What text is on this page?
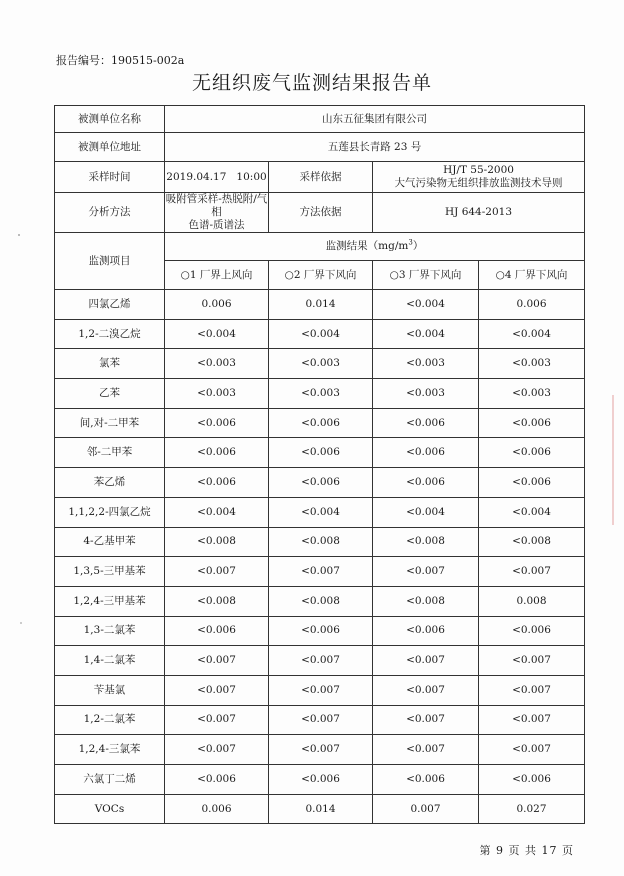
报告编号：190515-002a
无组织废气监测结果报告单
被测单位名称	山东五征集团有限公司			
被测单位地址	五莲县长青路 23 号			
采样时间	2019.04.17   10:00	采样依据	HJ/T 55-2000
大气污染物无组织排放监测技术导则	

分析方法	吸附管采样-热脱附/气相
色谱-质谱法	方法依据	HJ 644-2013	
监测项目	监测结果$(mg/m^3)$			
	○1 厂界上风向	○2 厂界下风向	○3 厂界下风向	○4 厂界下风向
四氯乙烯	0.006	0.014	<0.004	0.006
1,2-二溴乙烷	<0.004	<0.004	<0.004	<0.004
氯苯	<0.003	<0.003	<0.003	<0.003
乙苯	<0.003	<0.003	<0.003	<0.003
间,对-二甲苯	<0.006	<0.006	<0.006	<0.006
邻-二甲苯	<0.006	<0.006	<0.006	<0.006
苯乙烯	<0.006	<0.006	<0.006	<0.006
1,1,2,2-四氯乙烷	<0.004	<0.004	<0.004	<0.004
4-乙基甲苯	<0.008	<0.008	<0.008	<0.008
1,3,5-三甲基苯	<0.007	<0.007	<0.007	<0.007
1,2,4-三甲基苯	<0.008	<0.008	<0.008	0.008
1,3-二氯苯	<0.006	<0.006	<0.006	<0.006
1,4-二氯苯	<0.007	<0.007	<0.007	<0.007
苄基氯	<0.007	<0.007	<0.007	<0.007
1,2-二氯苯	<0.007	<0.007	<0.007	<0.007
1,2,4-三氯苯	<0.007	<0.007	<0.007	<0.007
六氯丁二烯	<0.006	<0.006	<0.006	<0.006
VOCs	0.006	0.014	0.007	0.027
第 9 页 共 17 页
